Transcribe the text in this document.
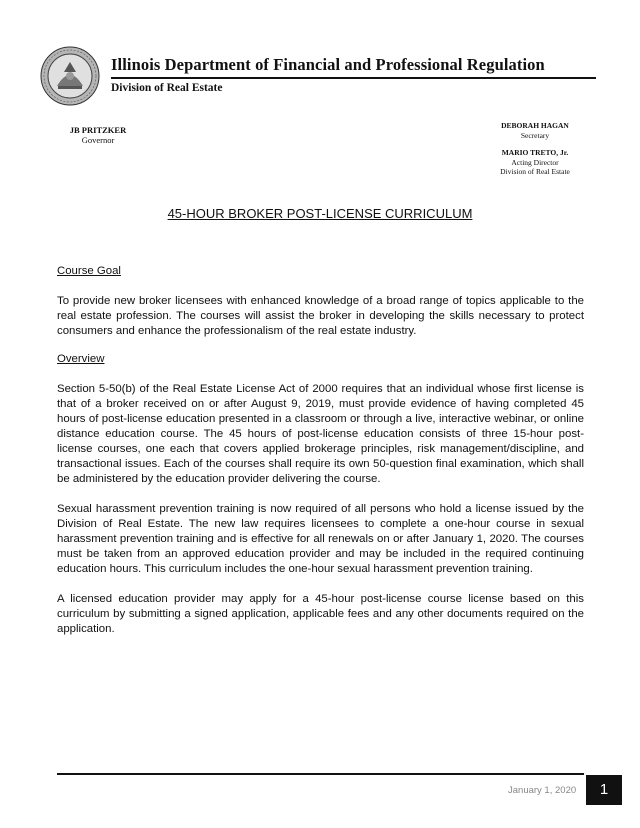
Illinois Department of Financial and Professional Regulation
Division of Real Estate
JB PRITZKER
Governor
DEBORAH HAGAN
Secretary
MARIO TRETO, Jr.
Acting Director
Division of Real Estate
45-HOUR BROKER POST-LICENSE CURRICULUM
Course Goal

To provide new broker licensees with enhanced knowledge of a broad range of topics applicable to the real estate profession. The courses will assist the broker in developing the skills necessary to protect consumers and enhance the professionalism of the real estate industry.

Overview

Section 5-50(b) of the Real Estate License Act of 2000 requires that an individual whose first license is that of a broker received on or after August 9, 2019, must provide evidence of having completed 45 hours of post-license education presented in a classroom or through a live, interactive webinar, or online distance education course. The 45 hours of post-license education consists of three 15-hour post-license courses, one each that covers applied brokerage principles, risk management/discipline, and transactional issues. Each of the courses shall require its own 50-question final examination, which shall be administered by the education provider delivering the course.

Sexual harassment prevention training is now required of all persons who hold a license issued by the Division of Real Estate. The new law requires licensees to complete a one-hour course in sexual harassment prevention training and is effective for all renewals on or after January 1, 2020. The courses must be taken from an approved education provider and may be included in the required continuing education hours. This curriculum includes the one-hour sexual harassment prevention training.

A licensed education provider may apply for a 45-hour post-license course license based on this curriculum by submitting a signed application, applicable fees and any other documents required on the application.

January 1, 2020	1
